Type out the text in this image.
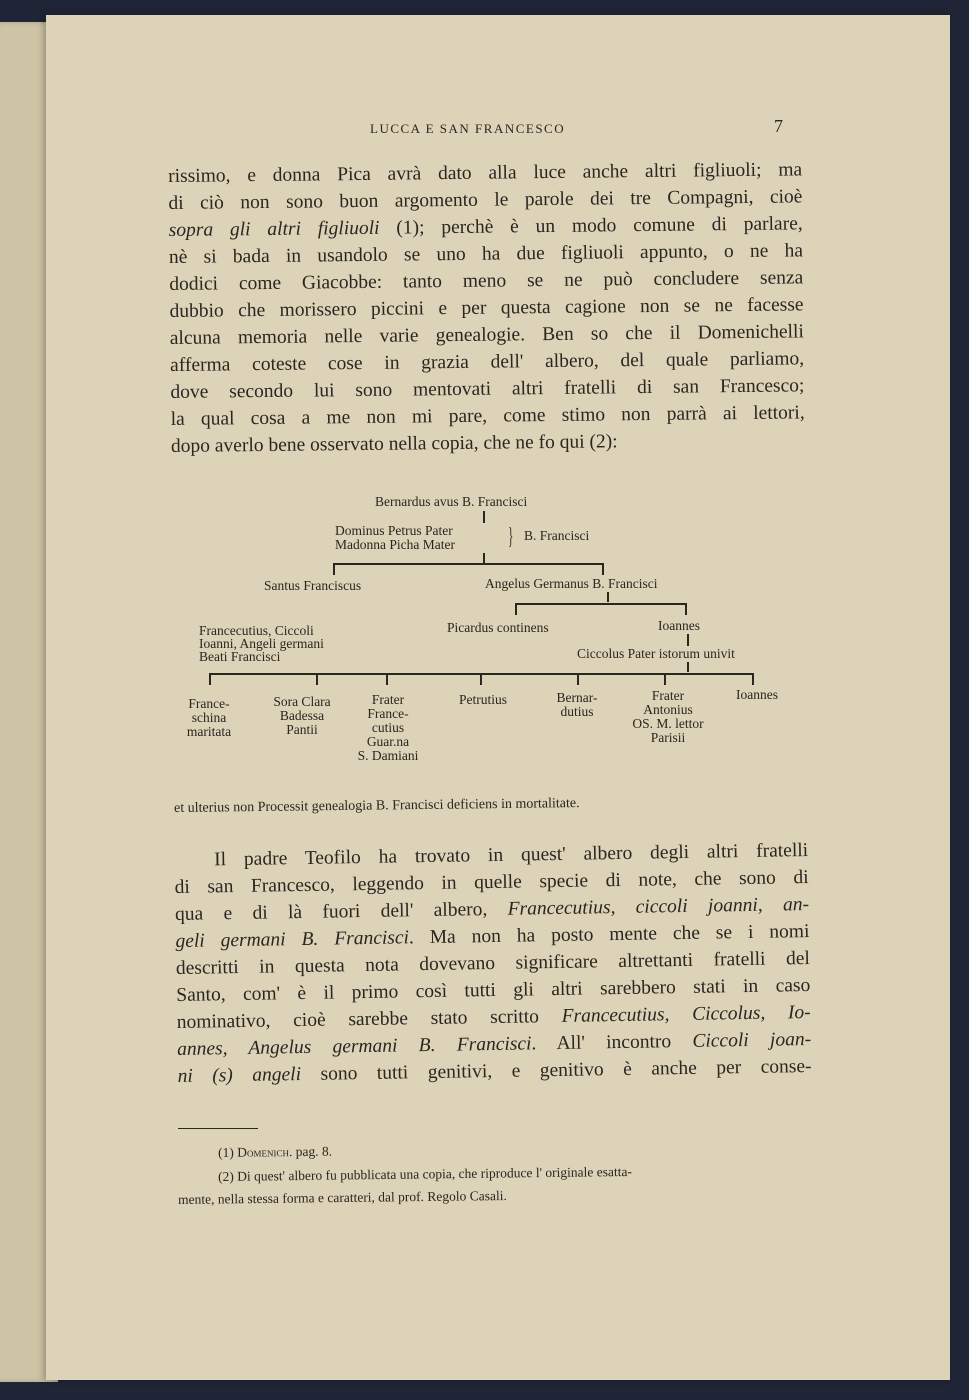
LUCCA E SAN FRANCESCO	7
rissimo, e donna Pica avrà dato alla luce anche altri figliuoli; ma
di ciò non sono buon argomento le parole dei tre Compagni, cioè
sopra gli altri figliuoli (1); perchè è un modo comune di parlare,
nè si bada in usandolo se uno ha due figliuoli appunto, o ne ha
dodici come Giacobbe: tanto meno se ne può concludere senza
dubbio che morissero piccini e per questa cagione non se ne facesse
alcuna memoria nelle varie genealogie. Ben so che il Domenichelli
afferma coteste cose in grazia dell' albero, del quale parliamo,
dove secondo lui sono mentovati altri fratelli di san Francesco;
la qual cosa a me non mi pare, come stimo non parrà ai lettori,
dopo averlo bene osservato nella copia, che ne fo qui (2):
Bernardus avus B. Francisci
Dominus Petrus Pater
Madonna Picha Mater } B. Francisci
Santus Franciscus	Angelus Germanus B. Francisci
Francecutius, Ciccoli
Ioanni, Angeli germani
Beati Francisci
Picardus continens	Ioannes
Ciccolus Pater istorum univit
France-
schina
maritata
Sora Clara
Badessa
Pantii
Frater
France-
cutius
Guar.na
S. Damiani
Petrutius	Bernar-
dutius
Frater
Antonius
OS. M. lettor
Parisii
Ioannes
et ulterius non Processit genealogia B. Francisci deficiens in mortalitate.
Il padre Teofilo ha trovato in quest' albero degli altri fratelli
di san Francesco, leggendo in quelle specie di note, che sono di
qua e di là fuori dell' albero, Francecutius, ciccoli joanni, an-
geli germani B. Francisci. Ma non ha posto mente che se i nomi
descritti in questa nota dovevano significare altrettanti fratelli del
Santo, com' è il primo così tutti gli altri sarebbero stati in caso
nominativo, cioè sarebbe stato scritto Francecutius, Ciccolus, Io-
annes, Angelus germani B. Francisci. All' incontro Ciccoli joan-
ni (s) angeli sono tutti genitivi, e genitivo è anche per conse-
(1) Domenich. pag. 8.
(2) Di quest' albero fu pubblicata una copia, che riproduce l' originale esatta-
mente, nella stessa forma e caratteri, dal prof. Regolo Casali.
